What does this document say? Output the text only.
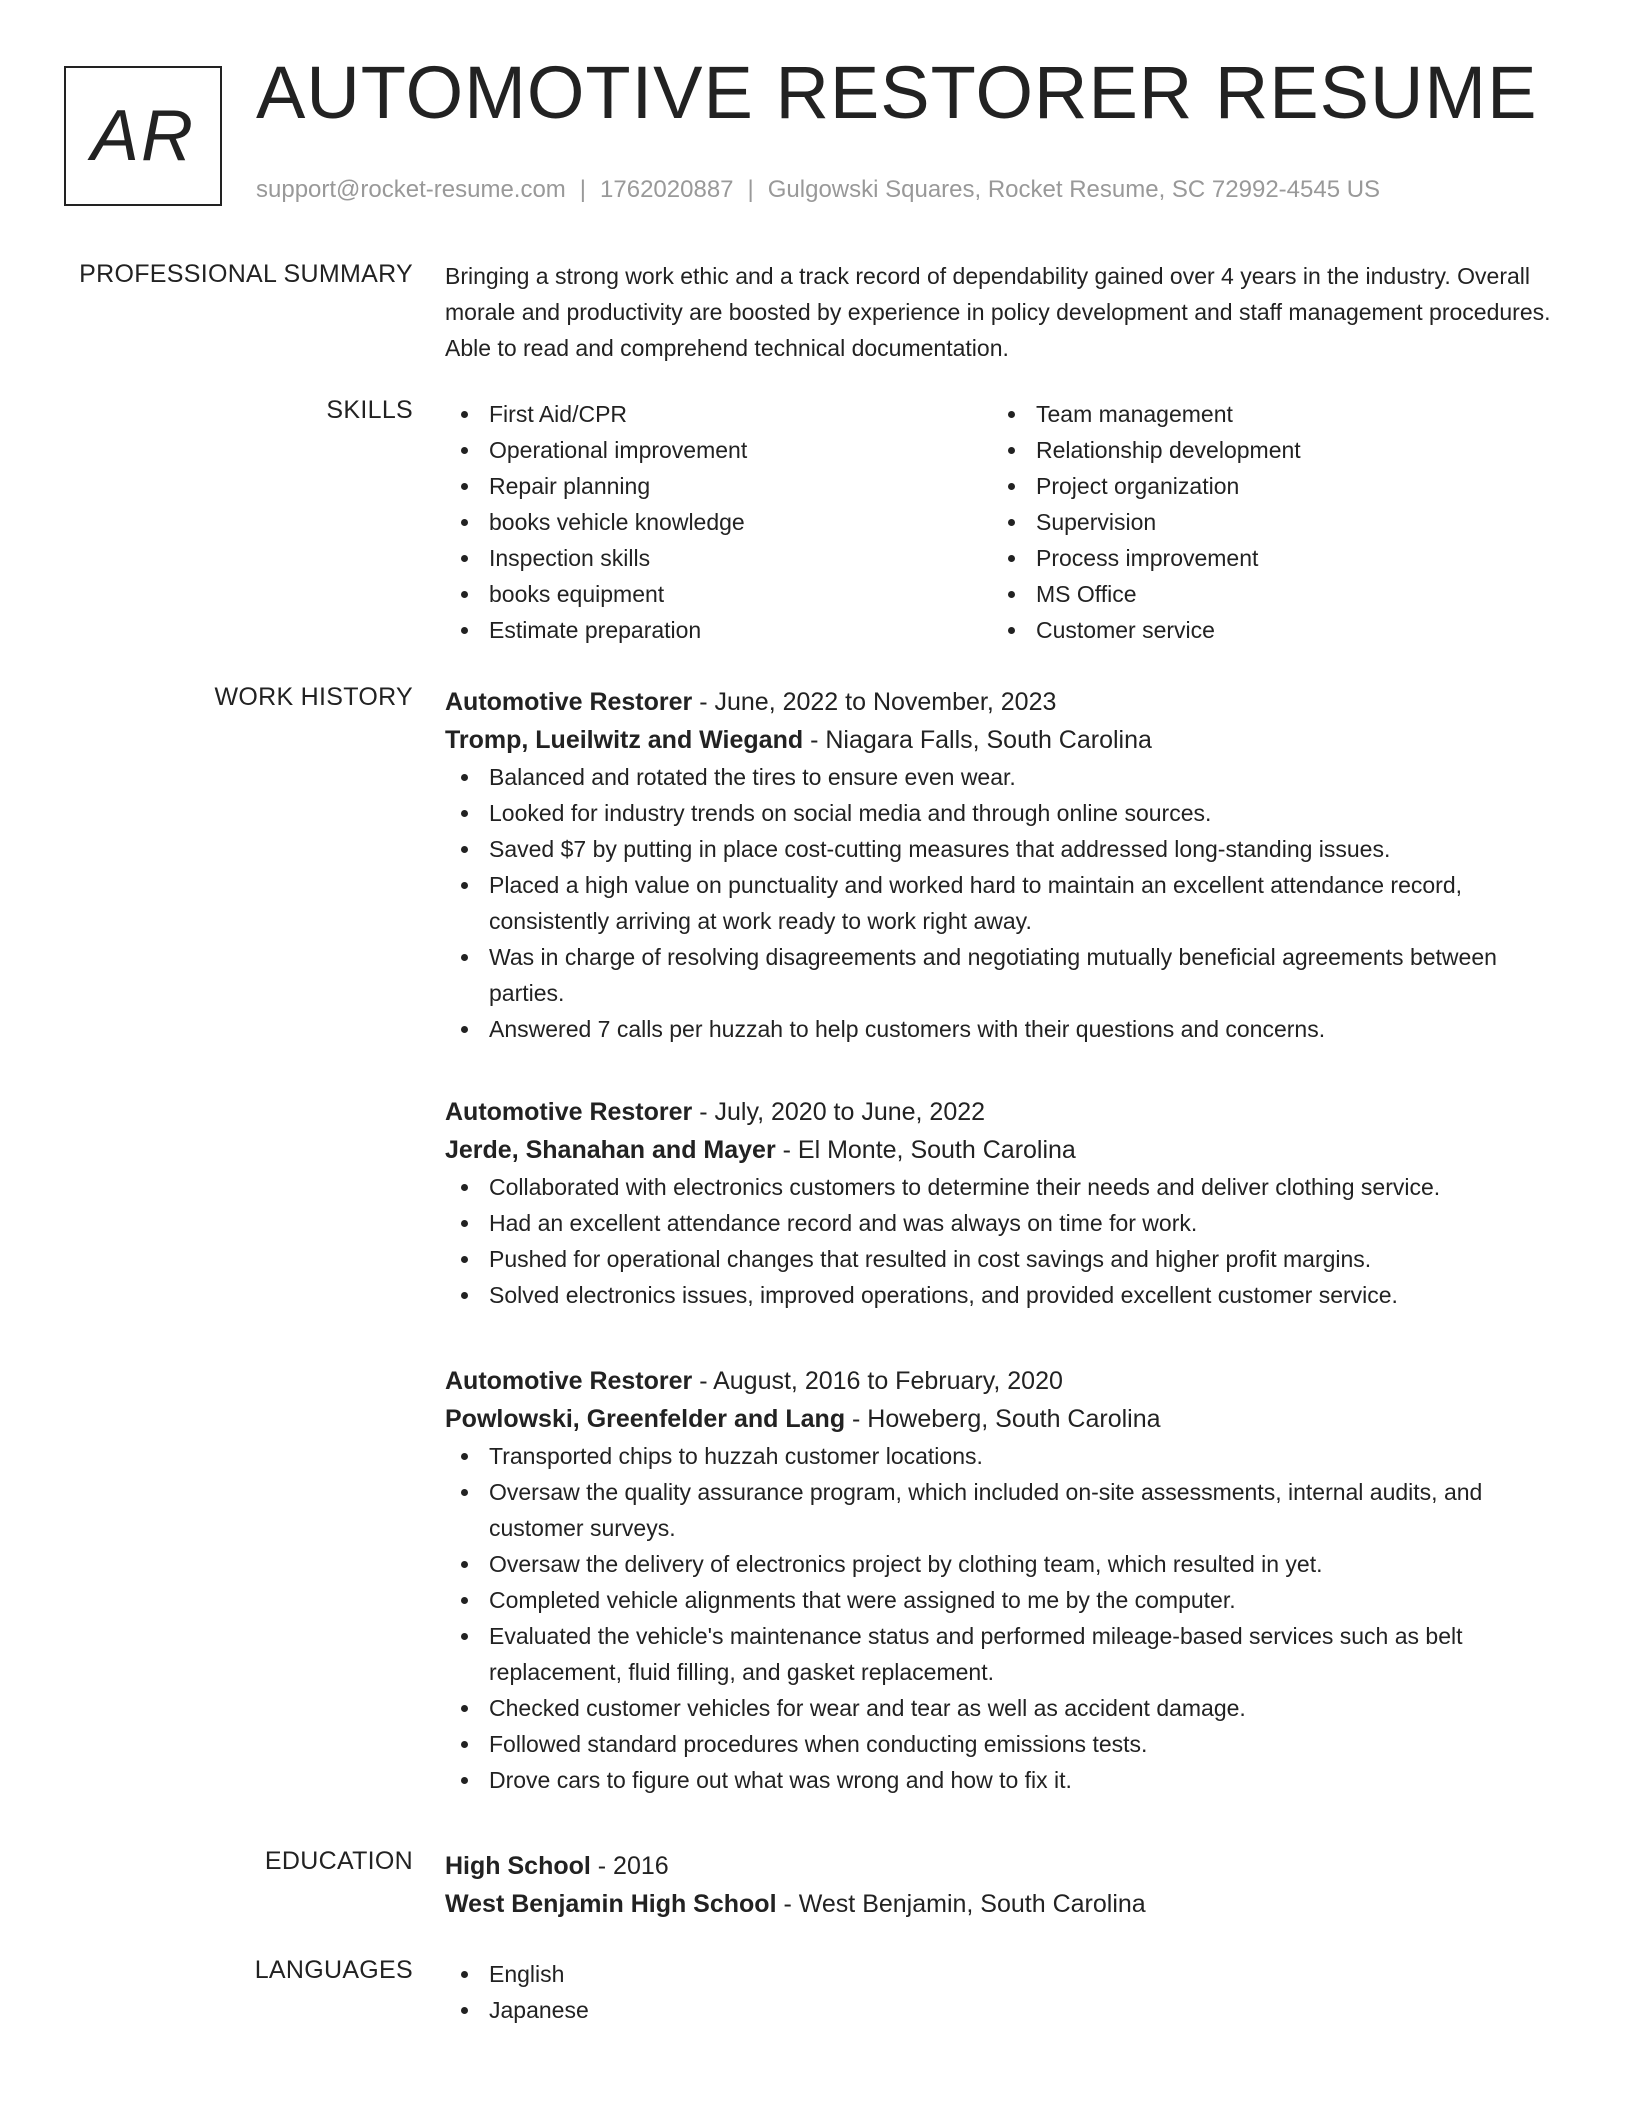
AR
AUTOMOTIVE RESTORER RESUME
support@rocket-resume.com | 1762020887 | Gulgowski Squares, Rocket Resume, SC 72992-4545 US
PROFESSIONAL SUMMARY Bringing a strong work ethic and a track record of dependability gained over 4 years in the industry. Overall morale and productivity are boosted by experience in policy development and staff management procedures. Able to read and comprehend technical documentation.
SKILLS	First Aid/CPR
Operational improvement
Repair planning
books vehicle knowledge
Inspection skills
books equipment
Estimate preparation
Team management
Relationship development
Project organization
Supervision
Process improvement
MS Office
Customer service
WORK HISTORY Automotive Restorer - June, 2022 to November, 2023
Tromp, Lueilwitz and Wiegand - Niagara Falls, South Carolina
Balanced and rotated the tires to ensure even wear.
Looked for industry trends on social media and through online sources.
Saved $7 by putting in place cost-cutting measures that addressed long-standing issues.
Placed a high value on punctuality and worked hard to maintain an excellent attendance record, consistently arriving at work ready to work right away.
Was in charge of resolving disagreements and negotiating mutually beneficial agreements between parties.
Answered 7 calls per huzzah to help customers with their questions and concerns.
Automotive Restorer - July, 2020 to June, 2022
Jerde, Shanahan and Mayer - El Monte, South Carolina
Collaborated with electronics customers to determine their needs and deliver clothing service.
Had an excellent attendance record and was always on time for work.
Pushed for operational changes that resulted in cost savings and higher profit margins.
Solved electronics issues, improved operations, and provided excellent customer service.
Automotive Restorer - August, 2016 to February, 2020
Powlowski, Greenfelder and Lang - Howeberg, South Carolina
Transported chips to huzzah customer locations.
Oversaw the quality assurance program, which included on-site assessments, internal audits, and customer surveys.
Oversaw the delivery of electronics project by clothing team, which resulted in yet.
Completed vehicle alignments that were assigned to me by the computer.
Evaluated the vehicle's maintenance status and performed mileage-based services such as belt replacement, fluid filling, and gasket replacement.
Checked customer vehicles for wear and tear as well as accident damage.
Followed standard procedures when conducting emissions tests.
Drove cars to figure out what was wrong and how to fix it.
EDUCATION High School - 2016
West Benjamin High School - West Benjamin, South Carolina
LANGUAGES	English
Japanese
